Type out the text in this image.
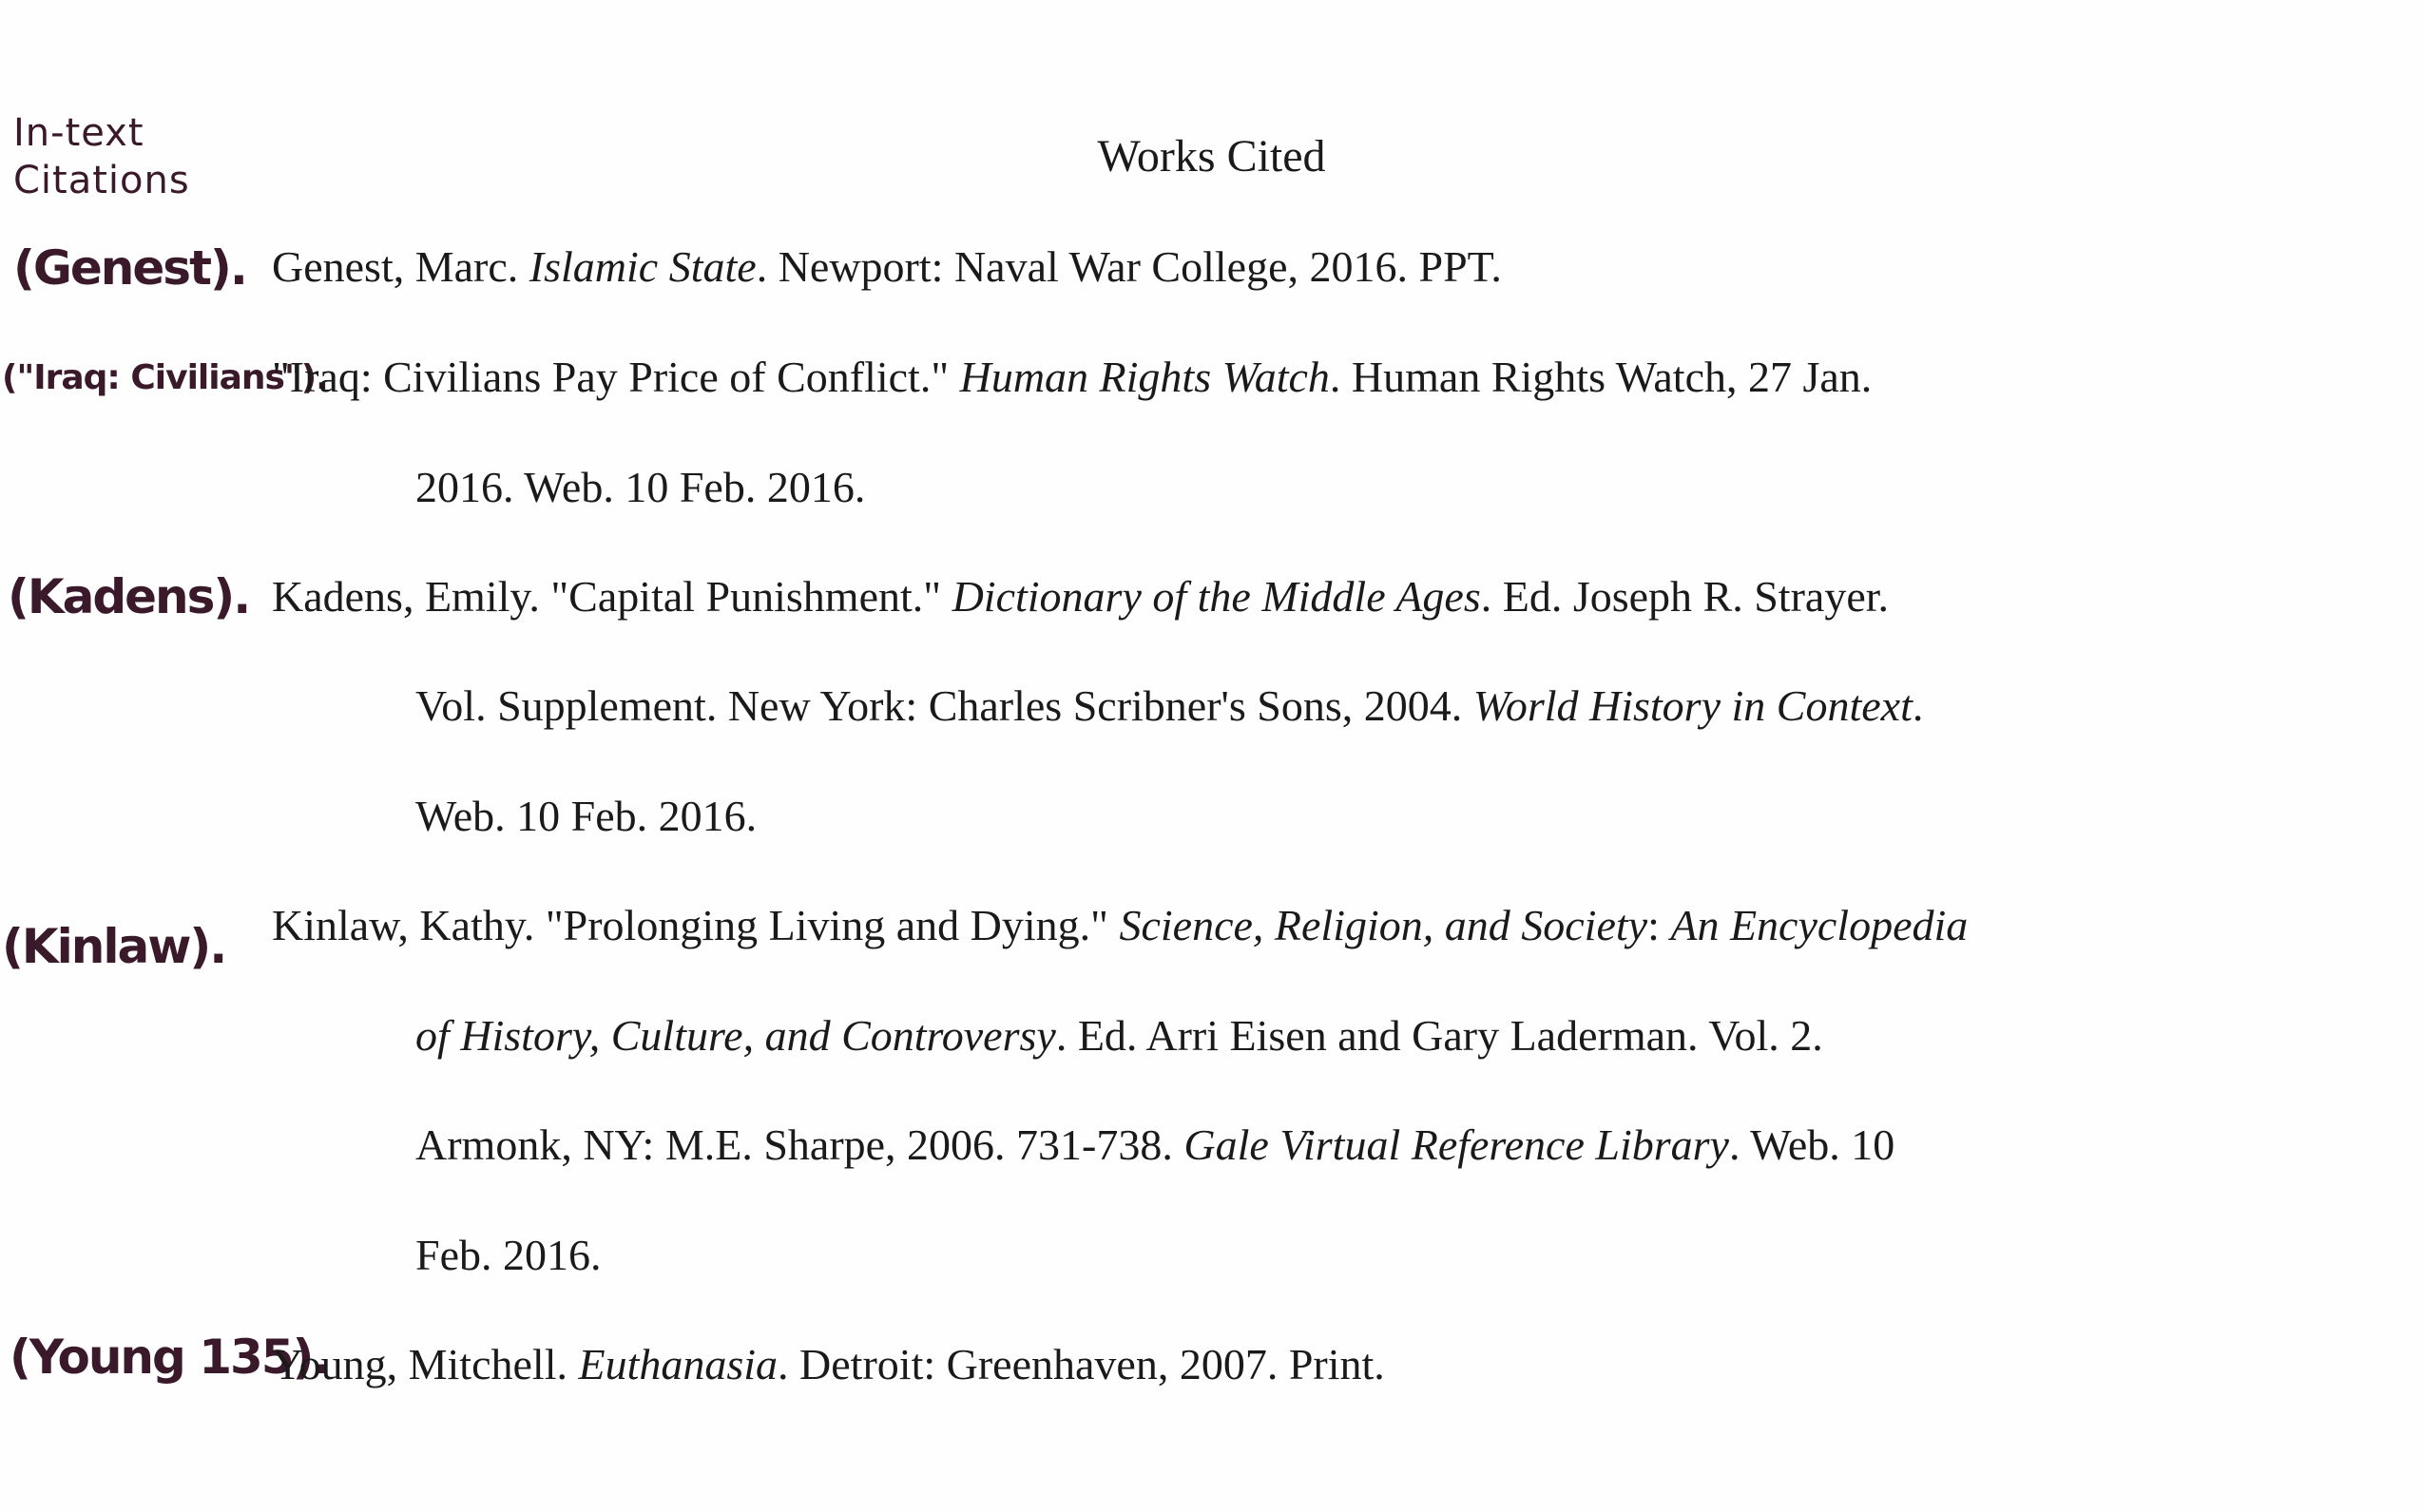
Works Cited
In-text
Citations
(Genest).
("Iraq: Civilians").
(Kadens).
(Kinlaw).
(Young 135).
Genest, Marc. Islamic State. Newport: Naval War College, 2016. PPT.
"Iraq: Civilians Pay Price of Conflict." Human Rights Watch. Human Rights Watch, 27 Jan.
2016. Web. 10 Feb. 2016.
Kadens, Emily. "Capital Punishment." Dictionary of the Middle Ages. Ed. Joseph R. Strayer.
Vol. Supplement. New York: Charles Scribner's Sons, 2004. World History in Context.
Web. 10 Feb. 2016.
Kinlaw, Kathy. "Prolonging Living and Dying." Science, Religion, and Society: An Encyclopedia
of History, Culture, and Controversy. Ed. Arri Eisen and Gary Laderman. Vol. 2.
Armonk, NY: M.E. Sharpe, 2006. 731-738. Gale Virtual Reference Library. Web. 10
Feb. 2016.
Young, Mitchell. Euthanasia. Detroit: Greenhaven, 2007. Print.
